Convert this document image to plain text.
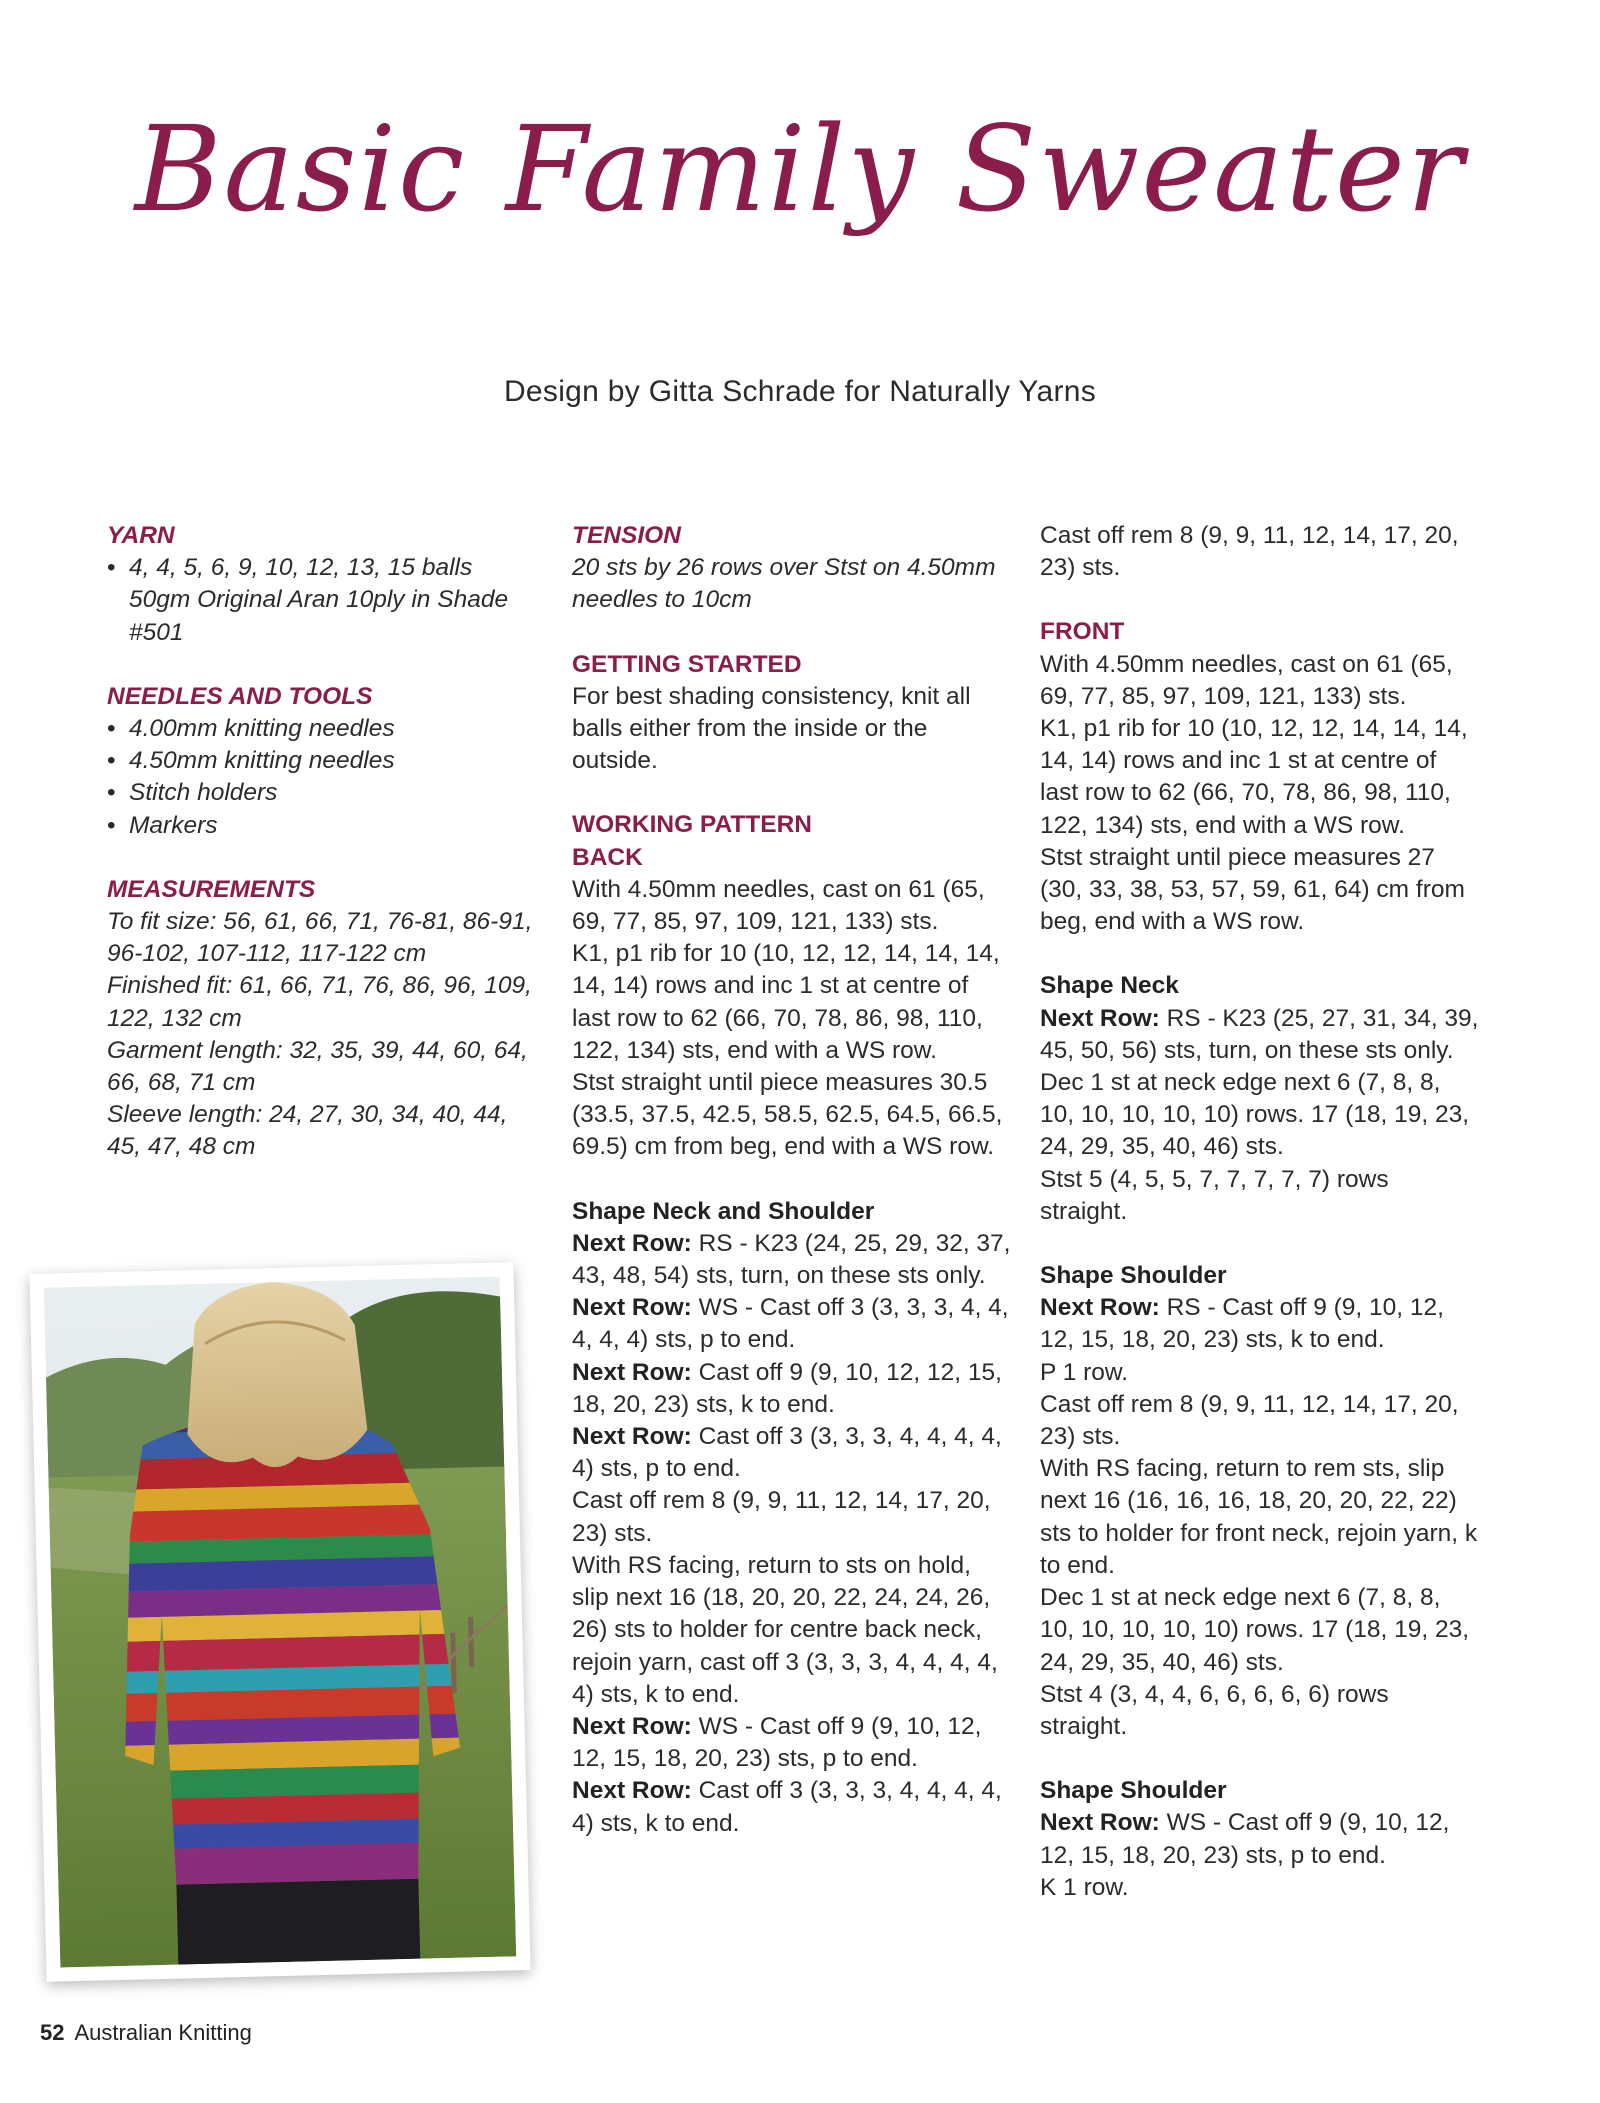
Basic Family Sweater
Design by Gitta Schrade for Naturally Yarns

YARN

• 4, 4, 5, 6, 9, 10, 12, 13, 15 balls 50gm Original Aran 10ply in Shade #501

NEEDLES AND TOOLS

• 4.00mm knitting needles
• 4.50mm knitting needles
• Stitch holders
• Markers

MEASUREMENTS

To fit size: 56, 61, 66, 71, 76-81, 86-91, 96-102, 107-112, 117-122 cm

Finished fit: 61, 66, 71, 76, 86, 96, 109, 122, 132 cm

Garment length: 32, 35, 39, 44, 60, 64, 66, 68, 71 cm

Sleeve length: 24, 27, 30, 34, 40, 44, 45, 47, 48 cm

TENSION

20 sts by 26 rows over Stst on 4.50mm needles to 10cm

GETTING STARTED

For best shading consistency, knit all balls either from the inside or the outside.

WORKING PATTERN

BACK

With 4.50mm needles, cast on 61 (65, 69, 77, 85, 97, 109, 121, 133) sts.

K1, p1 rib for 10 (10, 12, 12, 14, 14, 14, 14, 14) rows and inc 1 st at centre of last row to 62 (66, 70, 78, 86, 98, 110, 122, 134) sts, end with a WS row.

Stst straight until piece measures 30.5 (33.5, 37.5, 42.5, 58.5, 62.5, 64.5, 66.5, 69.5) cm from beg, end with a WS row.

Shape Neck and Shoulder

Next Row: RS - K23 (24, 25, 29, 32, 37, 43, 48, 54) sts, turn, on these sts only.

Next Row: WS - Cast off 3 (3, 3, 3, 4, 4, 4, 4, 4) sts, p to end.

Next Row: Cast off 9 (9, 10, 12, 12, 15, 18, 20, 23) sts, k to end.

Next Row: Cast off 3 (3, 3, 3, 4, 4, 4, 4, 4) sts, p to end.

Cast off rem 8 (9, 9, 11, 12, 14, 17, 20, 23) sts.

With RS facing, return to sts on hold, slip next 16 (18, 20, 20, 22, 24, 24, 26, 26) sts to holder for centre back neck, rejoin yarn, cast off 3 (3, 3, 3, 4, 4, 4, 4, 4) sts, k to end.

Next Row: WS - Cast off 9 (9, 10, 12, 12, 15, 18, 20, 23) sts, p to end.

Next Row: Cast off 3 (3, 3, 3, 4, 4, 4, 4, 4) sts, k to end.

Cast off rem 8 (9, 9, 11, 12, 14, 17, 20, 23) sts.

FRONT

With 4.50mm needles, cast on 61 (65, 69, 77, 85, 97, 109, 121, 133) sts.

K1, p1 rib for 10 (10, 12, 12, 14, 14, 14, 14, 14) rows and inc 1 st at centre of last row to 62 (66, 70, 78, 86, 98, 110, 122, 134) sts, end with a WS row.

Stst straight until piece measures 27 (30, 33, 38, 53, 57, 59, 61, 64) cm from beg, end with a WS row.

Shape Neck

Next Row: RS - K23 (25, 27, 31, 34, 39, 45, 50, 56) sts, turn, on these sts only.

Dec 1 st at neck edge next 6 (7, 8, 8, 10, 10, 10, 10, 10) rows. 17 (18, 19, 23, 24, 29, 35, 40, 46) sts.

Stst 5 (4, 5, 5, 7, 7, 7, 7, 7) rows straight.

Shape Shoulder

Next Row: RS - Cast off 9 (9, 10, 12, 12, 15, 18, 20, 23) sts, k to end.

P 1 row.

Cast off rem 8 (9, 9, 11, 12, 14, 17, 20, 23) sts.

With RS facing, return to rem sts, slip next 16 (16, 16, 16, 18, 20, 20, 22, 22) sts to holder for front neck, rejoin yarn, k to end.

Dec 1 st at neck edge next 6 (7, 8, 8, 10, 10, 10, 10, 10) rows. 17 (18, 19, 23, 24, 29, 35, 40, 46) sts.

Stst 4 (3, 4, 4, 6, 6, 6, 6, 6) rows straight.

Shape Shoulder

Next Row: WS - Cast off 9 (9, 10, 12, 12, 15, 18, 20, 23) sts, p to end.

K 1 row.

52 Australian Knitting
